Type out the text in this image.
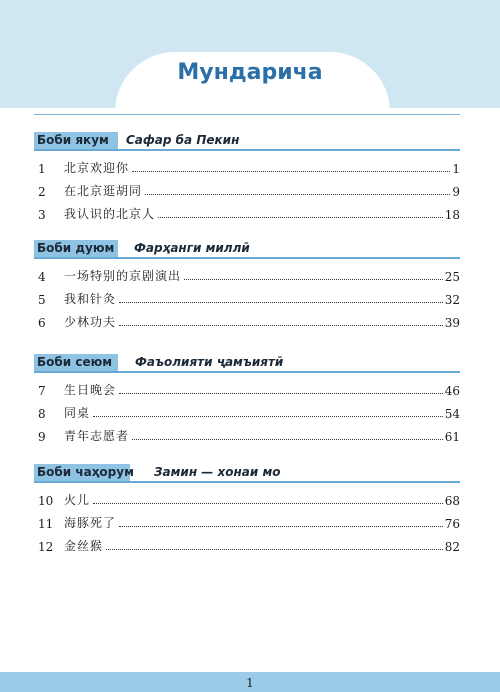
Мундарича
Боби якум	Сафар ба Пекин
1	北京欢迎你	1
2	在北京逛胡同	9
3	我认识的北京人	18
Боби дуюм	Фарҳанги миллӣ
4	一场特别的京剧演出	25
5	我和针灸	32
6	少林功夫	39
Боби сеюм	Фаъолияти ҷамъиятӣ
7	生日晚会	46
8	同桌	54
9	青年志愿者	61
Боби чаҳорум Замин — хонаи мо
10 火儿	68
11 海豚死了	76
12 金丝猴	82
1
